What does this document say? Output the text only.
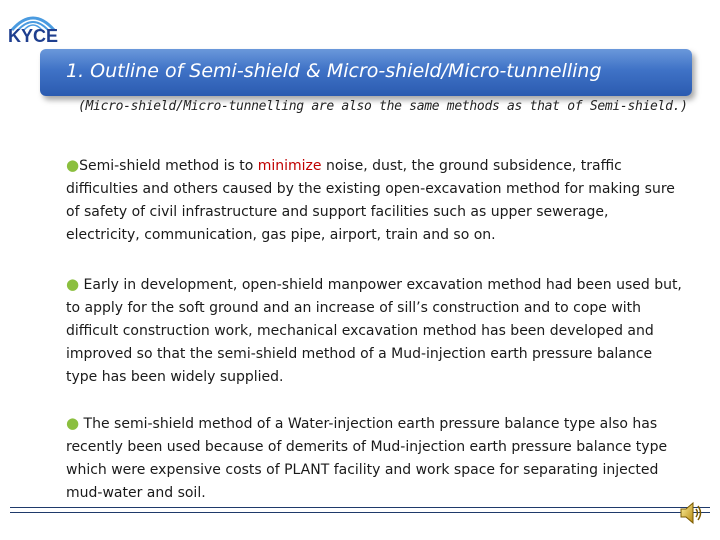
KYCE
1. Outline of Semi-shield & Micro-shield/Micro-tunnelling
(Micro-shield/Micro-tunnelling are also the same methods as that of Semi-shield.)
●Semi-shield method is to minimize noise, dust, the ground subsidence, traffic difficulties and others caused by the existing open-excavation method for making sure of safety of civil infrastructure and support facilities such as upper sewerage, electricity, communication, gas pipe, airport, train and so on.
● Early in development, open-shield manpower excavation method had been used but, to apply for the soft ground and an increase of sill’s construction and to cope with difficult construction work, mechanical excavation method has been developed and improved so that the semi-shield method of a Mud-injection earth pressure balance type has been widely supplied.
● The semi-shield method of a Water-injection earth pressure balance type also has recently been used because of demerits of Mud-injection earth pressure balance type which were expensive costs of PLANT facility and work space for separating injected mud-water and soil.
